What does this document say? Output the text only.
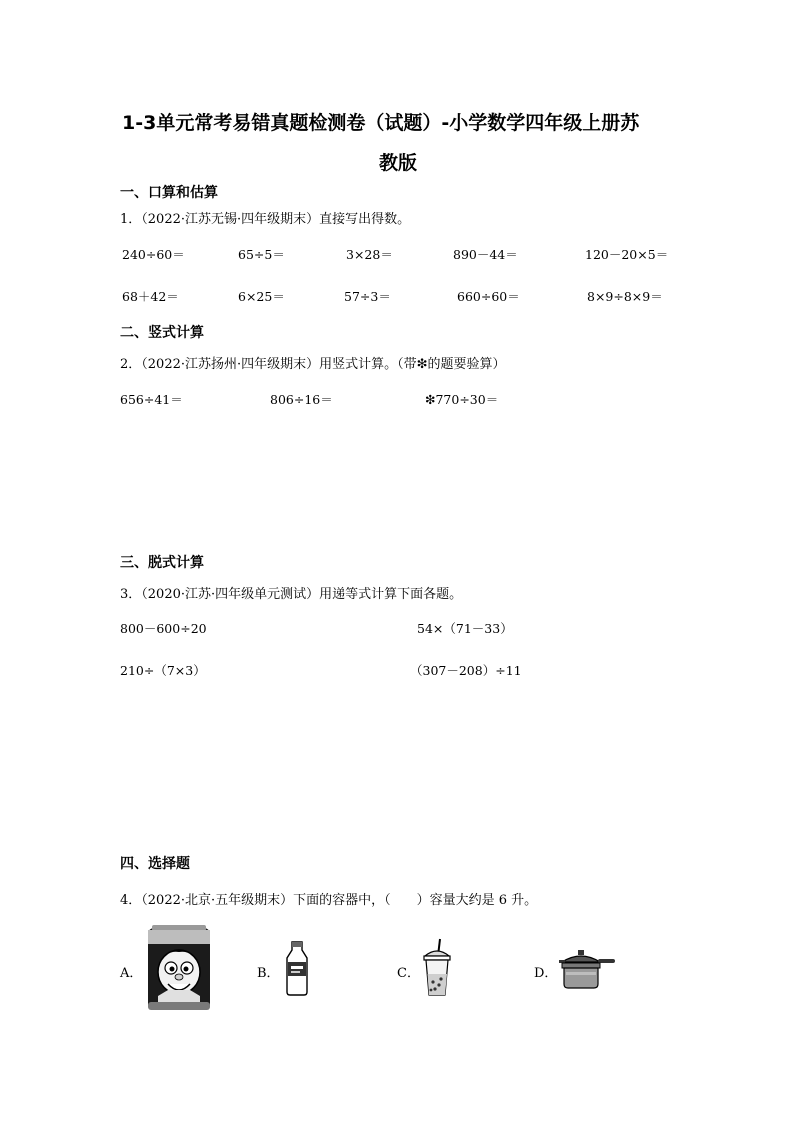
1-3单元常考易错真题检测卷（试题）-小学数学四年级上册苏
教版
一、口算和估算
1．（2022·江苏无锡·四年级期末）直接写出得数。
240÷60＝	65÷5＝	3×28＝	890－44＝	120－20×5＝
68＋42＝	6×25＝	57÷3＝	660÷60＝	8×9÷8×9＝
二、竖式计算
2．（2022·江苏扬州·四年级期末）用竖式计算。（带❇的题要验算）
656÷41＝	806÷16＝	❇770÷30＝
三、脱式计算
3．（2020·江苏·四年级单元测试）用递等式计算下面各题。
800－600÷20	54×（71－33）
210÷（7×3）	（307－208）÷11
四、选择题
4．（2022·北京·五年级期末）下面的容器中，（　　）容量大约是 6 升。
A．	B．	C．	D．
